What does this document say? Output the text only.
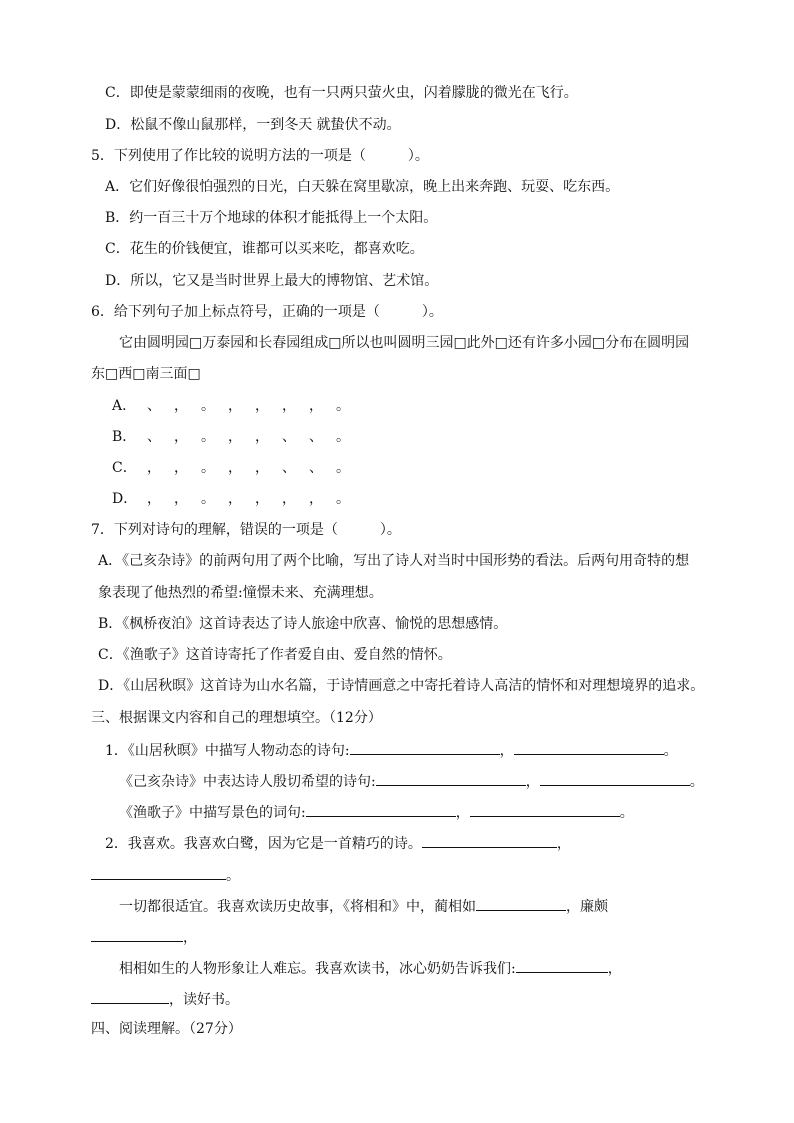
C．即使是蒙蒙细雨的夜晚，也有一只两只萤火虫，闪着朦胧的微光在飞行。
D．松鼠不像山鼠那样，一到冬天 就蛰伏不动。
5．下列使用了作比较的说明方法的一项是（　　　）。
A．它们好像很怕强烈的日光，白天躲在窝里歇凉，晚上出来奔跑、玩耍、吃东西。
B．约一百三十万个地球的体积才能抵得上一个太阳。
C．花生的价钱便宜，谁都可以买来吃，都喜欢吃。
D．所以，它又是当时世界上最大的博物馆、艺术馆。
6．给下列句子加上标点符号，正确的一项是（　　　）。
它由圆明园□万泰园和长春园组成□所以也叫圆明三园□此外□还有许多小园□分布在圆明园
东□西□南三面□
A． 、 ， 。 ， ， ， ， 。
B． 、 ， 。 ， ， 、 、 。
C． ， ， 。 ， ， 、 、 。
D． ， ， 。 ， ， ， ， 。
7．下列对诗句的理解，错误的一项是（　　　）。
A．《己亥杂诗》的前两句用了两个比喻，写出了诗人对当时中国形势的看法。后两句用奇特的想
象表现了他热烈的希望:憧憬未来、充满理想。
B．《枫桥夜泊》这首诗表达了诗人旅途中欣喜、愉悦的思想感情。
C．《渔歌子》这首诗寄托了作者爱自由、爱自然的情怀。
D．《山居秋暝》这首诗为山水名篇，于诗情画意之中寄托着诗人高洁的情怀和对理想境界的追求。
三、根据课文内容和自己的理想填空。（12分）
1．《山居秋暝》中描写人物动态的诗句:	，	。
《己亥杂诗》中表达诗人殷切希望的诗句:	，	。
《渔歌子》中描写景色的词句:	，	。
2．我喜欢。我喜欢白鹭，因为它是一首精巧的诗。	，
。
一切都很适宜。我喜欢读历史故事，《将相和》中，蔺相如	，廉颇
，
相相如生的人物形象让人难忘。我喜欢读书，冰心奶奶告诉我们:	，
，读好书。
四、阅读理解。（27分）
